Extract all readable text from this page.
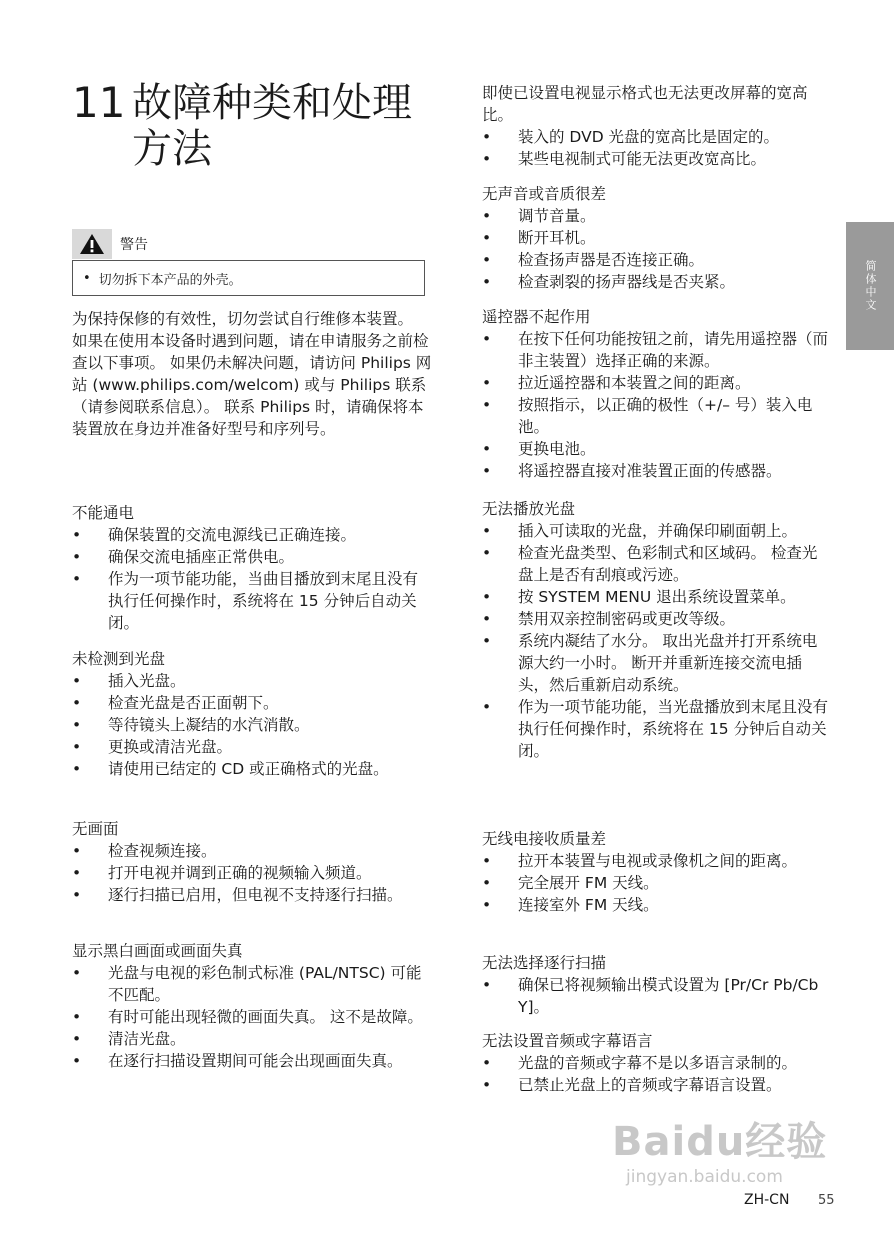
11 故障种类和处理方法
警告
• 切勿拆下本产品的外壳。

为保持保修的有效性，切勿尝试自行维修本装置。

如果在使用本设备时遇到问题，请在申请服务之前检查以下事项。 如果仍未解决问题，请访问 Philips 网站 (www.philips.com/welcom) 或与 Philips 联系（请参阅联系信息）。 联系 Philips 时，请确保将本装置放在身边并准备好型号和序列号。

不能通电

•	确保装置的交流电源线已正确连接。
•	确保交流电插座正常供电。
•	作为一项节能功能，当曲目播放到末尾且没有执行任何操作时，系统将在 15 分钟后自动关闭。

未检测到光盘

•	插入光盘。
•	检查光盘是否正面朝下。
•	等待镜头上凝结的水汽消散。
•	更换或清洁光盘。
•	请使用已结定的 CD 或正确格式的光盘。

无画面

•	检查视频连接。
•	打开电视并调到正确的视频输入频道。
•	逐行扫描已启用，但电视不支持逐行扫描。

显示黑白画面或画面失真

•	光盘与电视的彩色制式标准 (PAL/NTSC) 可能不匹配。
•	有时可能出现轻微的画面失真。 这不是故障。
•	清洁光盘。
•	在逐行扫描设置期间可能会出现画面失真。

即使已设置电视显示格式也无法更改屏幕的宽高比。

•	装入的 DVD 光盘的宽高比是固定的。
•	某些电视制式可能无法更改宽高比。

无声音或音质很差

•	调节音量。
•	断开耳机。
•	检查扬声器是否连接正确。
•	检查剥裂的扬声器线是否夹紧。

遥控器不起作用

•	在按下任何功能按钮之前，请先用遥控器（而非主装置）选择正确的来源。
•	拉近遥控器和本装置之间的距离。
•	按照指示，以正确的极性（+/– 号）装入电池。
•	更换电池。
•	将遥控器直接对准装置正面的传感器。

无法播放光盘

•	插入可读取的光盘，并确保印刷面朝上。
•	检查光盘类型、色彩制式和区域码。 检查光盘上是否有刮痕或污迹。
•	按 SYSTEM MENU 退出系统设置菜单。
•	禁用双亲控制密码或更改等级。
•	系统内凝结了水分。 取出光盘并打开系统电源大约一小时。 断开并重新连接交流电插头，然后重新启动系统。
•	作为一项节能功能，当光盘播放到末尾且没有执行任何操作时，系统将在 15 分钟后自动关闭。

无线电接收质量差

•	拉开本装置与电视或录像机之间的距离。
•	完全展开 FM 天线。
•	连接室外 FM 天线。

无法选择逐行扫描

•	确保已将视频输出模式设置为 [Pr/Cr Pb/Cb Y]。

无法设置音频或字幕语言

•	光盘的音频或字幕不是以多语言录制的。
•	已禁止光盘上的音频或字幕语言设置。
简体中文
Baidu经验
jingyan.baidu.com
ZH-CN 55
